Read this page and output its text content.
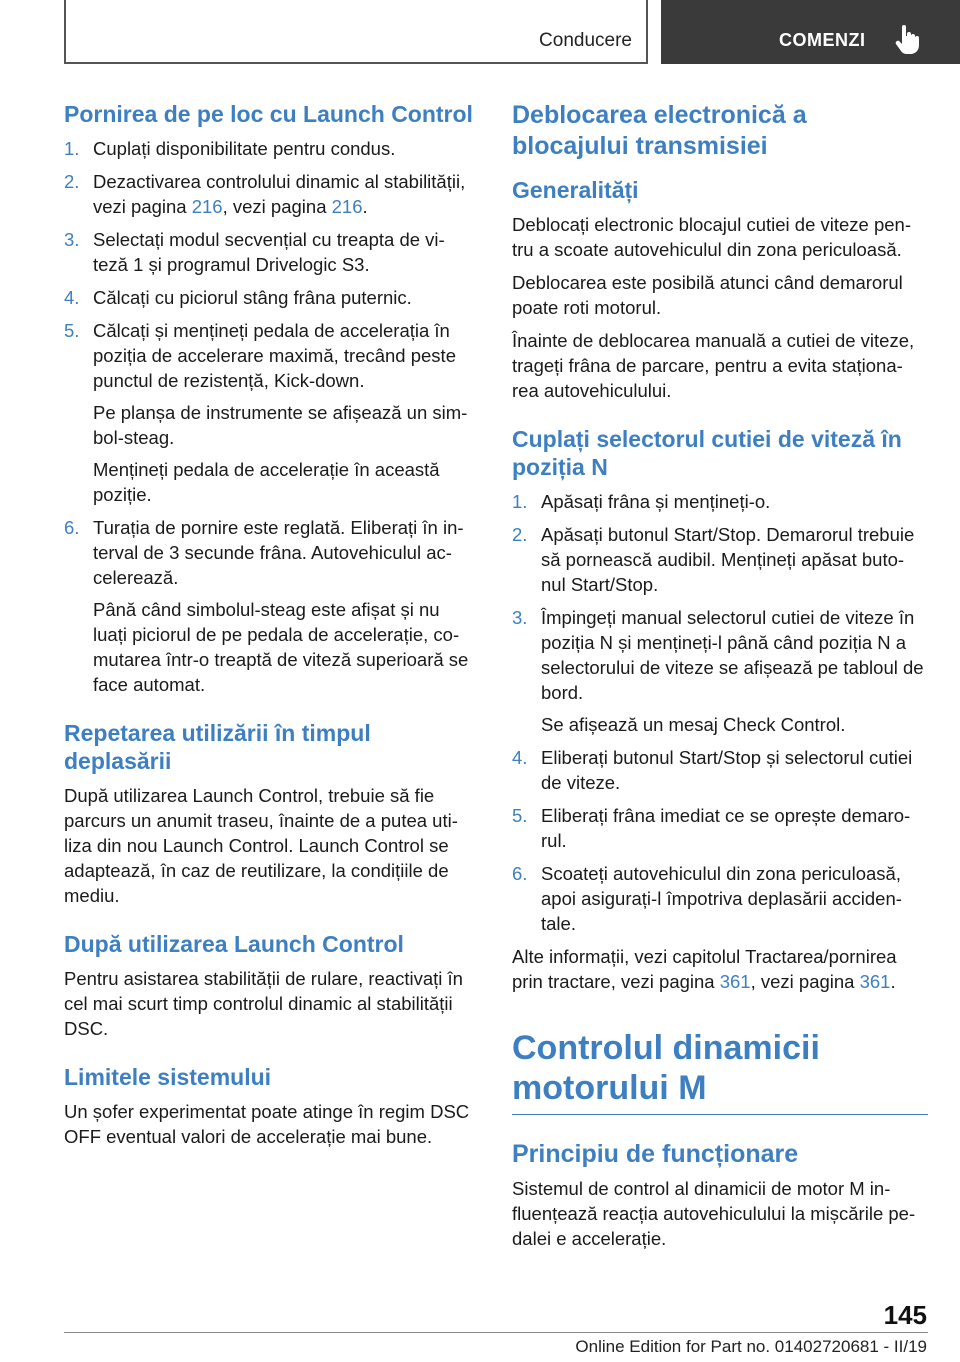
Conducere	COMENZI
Pornirea de pe loc cu Launch Control
1. Cuplați disponibilitate pentru condus.
2. Dezactivarea controlului dinamic al stabilității, vezi pagina 216, vezi pagina 216.
3. Selectați modul secvențial cu treapta de vi‐teză 1 și programul Drivelogic S3.
4. Călcați cu piciorul stâng frâna puternic.
5. Călcați și mențineți pedala de accelerația în poziția de accelerare maximă, trecând peste punctul de rezistență, Kick-down.
Pe planșa de instrumente se afișează un sim‐bol-steag.
Mențineți pedala de accelerație în această poziție.
6. Turația de pornire este reglată. Eliberați în in‐terval de 3 secunde frâna. Autovehiculul ac‐celerează.
Până când simbolul-steag este afișat și nu luați piciorul de pe pedala de accelerație, co‐mutarea într-o treaptă de viteză superioară se face automat.
Repetarea utilizării în timpul deplasării
După utilizarea Launch Control, trebuie să fie parcurs un anumit traseu, înainte de a putea uti‐liza din nou Launch Control. Launch Control se adaptează, în caz de reutilizare, la condițiile de mediu.
După utilizarea Launch Control
Pentru asistarea stabilității de rulare, reactivați în cel mai scurt timp controlul dinamic al stabilității DSC.
Limitele sistemului
Un șofer experimentat poate atinge în regim DSC OFF eventual valori de accelerație mai bune.
Deblocarea electronică a blocajului transmisiei
Generalități
Deblocați electronic blocajul cutiei de viteze pen‐tru a scoate autovehiculul din zona periculoasă.
Deblocarea este posibilă atunci când demarorul poate roti motorul.
Înainte de deblocarea manuală a cutiei de viteze, trageți frâna de parcare, pentru a evita staționa‐rea autovehiculului.
Cuplați selectorul cutiei de viteză în poziția N
1. Apăsați frâna și mențineți-o.
2. Apăsați butonul Start/Stop. Demarorul trebuie să pornească audibil. Mențineți apăsat buto‐nul Start/Stop.
3. Împingeți manual selectorul cutiei de viteze în poziția N și mențineți-l până când poziția N a selectorului de viteze se afișează pe tabloul de bord.
Se afișează un mesaj Check Control.
4. Eliberați butonul Start/Stop și selectorul cutiei de viteze.
5. Eliberați frâna imediat ce se oprește demaro‐rul.
6. Scoateți autovehiculul din zona periculoasă, apoi asigurați-l împotriva deplasării acciden‐tale.
Alte informații, vezi capitolul Tractarea/pornirea prin tractare, vezi pagina 361, vezi pagina 361.
Controlul dinamicii motorului M
Principiu de funcționare
Sistemul de control al dinamicii de motor M in‐fluențează reacția autovehiculului la mișcările pe‐dalei e accelerație.
145
Online Edition for Part no. 01402720681 - II/19
